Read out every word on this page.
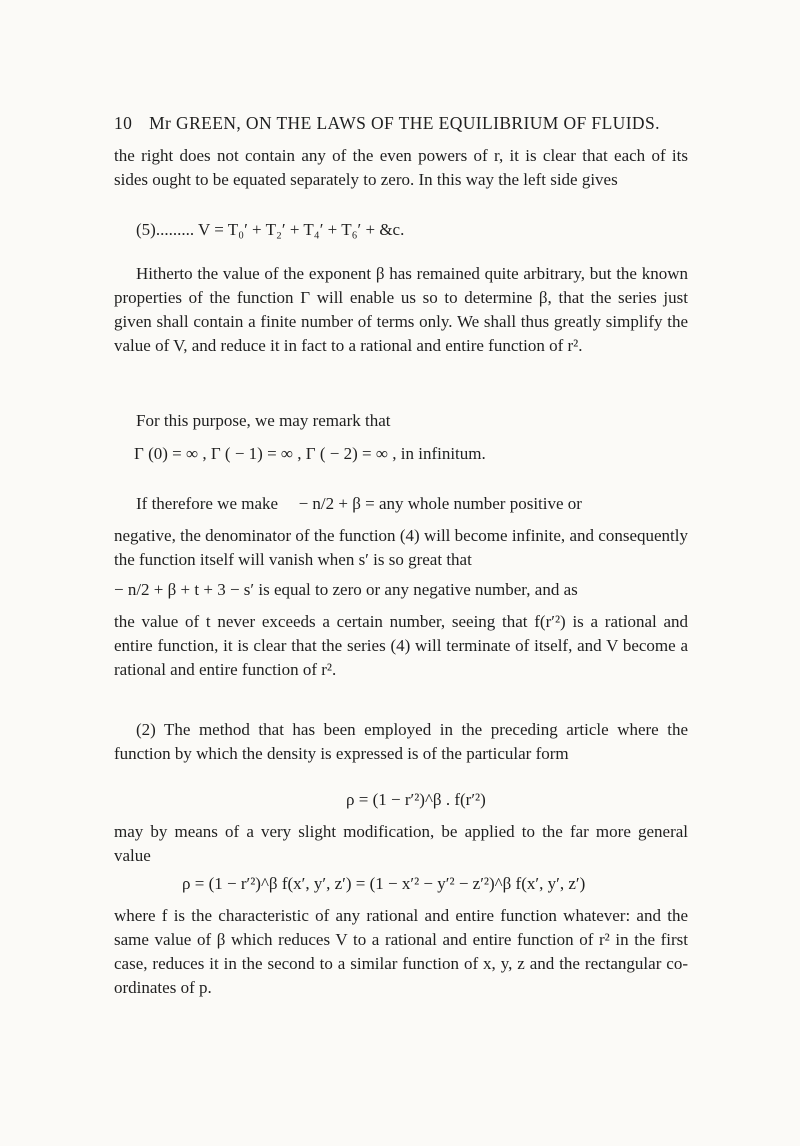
10 Mr GREEN, ON THE LAWS OF THE EQUILIBRIUM OF FLUIDS.
the right does not contain any of the even powers of r, it is clear that each of its sides ought to be equated separately to zero. In this way the left side gives
(5)......... V = T₀′ + T₂′ + T₄′ + T₆′ + &c.
Hitherto the value of the exponent β has remained quite arbitrary, but the known properties of the function Γ will enable us so to determine β, that the series just given shall contain a finite number of terms only. We shall thus greatly simplify the value of V, and reduce it in fact to a rational and entire function of r².
For this purpose, we may remark that
Γ (0) = ∞ , Γ ( − 1) = ∞ , Γ ( − 2) = ∞ , in infinitum.
If therefore we make − n/2 + β = any whole number positive or
negative, the denominator of the function (4) will become infinite, and consequently the function itself will vanish when s′ is so great that
− n/2 + β + t + 3 − s′ is equal to zero or any negative number, and as
the value of t never exceeds a certain number, seeing that f(r′²) is a rational and entire function, it is clear that the series (4) will terminate of itself, and V become a rational and entire function of r².
(2) The method that has been employed in the preceding article where the function by which the density is expressed is of the particular form
ρ = (1 − r′²)^β . f(r′²)
may by means of a very slight modification, be applied to the far more general value
ρ = (1 − r′²)^β f(x′, y′, z′) = (1 − x′² − y′² − z′²)^β f(x′, y′, z′)
where f is the characteristic of any rational and entire function whatever: and the same value of β which reduces V to a rational and entire function of r² in the first case, reduces it in the second to a similar function of x, y, z and the rectangular co-ordinates of p.
